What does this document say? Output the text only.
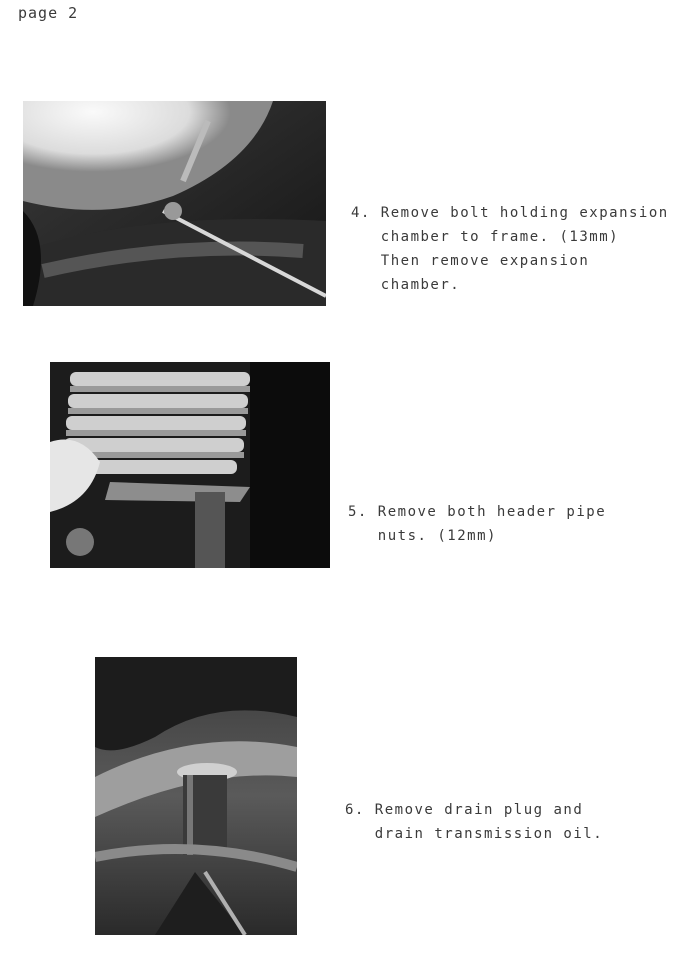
page 2
4. Remove bolt holding expansion
chamber to frame. (13mm)
Then remove expansion
chamber.
5. Remove both header pipe
nuts. (12mm)
6. Remove drain plug and
drain transmission oil.
